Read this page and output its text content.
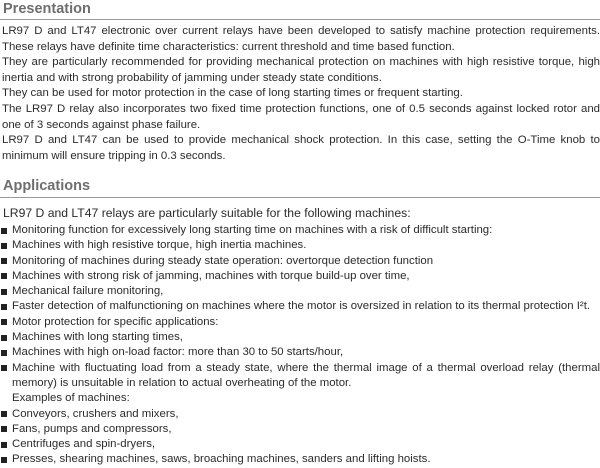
Presentation

LR97 D and LT47 electronic over current relays have been developed to satisfy machine protection requirements. These relays have definite time characteristics: current threshold and time based function.

They are particularly recommended for providing mechanical protection on machines with high resistive torque, high inertia and with strong probability of jamming under steady state conditions.

They can be used for motor protection in the case of long starting times or frequent starting.

The LR97 D relay also incorporates two fixed time protection functions, one of 0.5 seconds against locked rotor and one of 3 seconds against phase failure.

LR97 D and LT47 can be used to provide mechanical shock protection. In this case, setting the O-Time knob to minimum will ensure tripping in 0.3 seconds.

Applications
LR97 D and LT47 relays are particularly suitable for the following machines:
Monitoring function for excessively long starting time on machines with a risk of difficult starting:
Machines with high resistive torque, high inertia machines.
Monitoring of machines during steady state operation: overtorque detection function
Machines with strong risk of jamming, machines with torque build-up over time,
Mechanical failure monitoring,
Faster detection of malfunctioning on machines where the motor is oversized in relation to its thermal protection I²t.
Motor protection for specific applications:
Machines with long starting times,
Machines with high on-load factor: more than 30 to 50 starts/hour,
Machine with fluctuating load from a steady state, where the thermal image of a thermal overload relay (thermal memory) is unsuitable in relation to actual overheating of the motor.
Examples of machines:
Conveyors, crushers and mixers,
Fans, pumps and compressors,
Centrifuges and spin-dryers,
Presses, shearing machines, saws, broaching machines, sanders and lifting hoists.
